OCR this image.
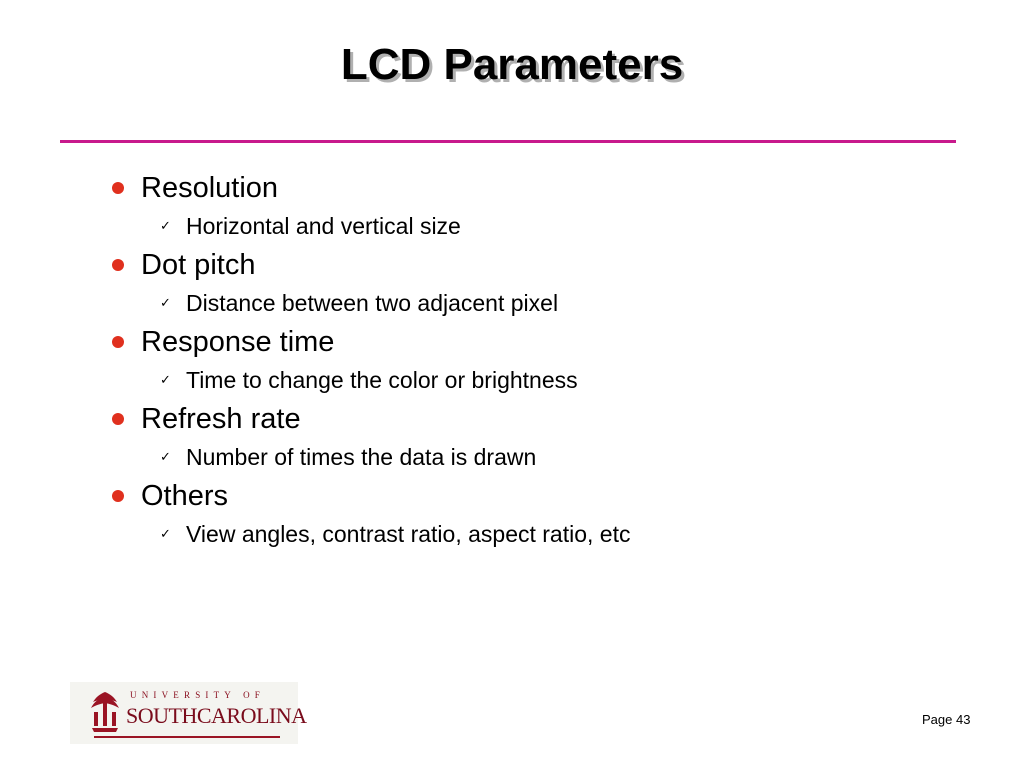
LCD Parameters
Resolution
✓ Horizontal and vertical size
Dot pitch
✓ Distance between two adjacent pixel
Response time
✓ Time to change the color or brightness
Refresh rate
✓ Number of times the data is drawn
Others
✓ View angles, contrast ratio, aspect ratio, etc
UNIVERSITY OF
SOUTHCAROLINA	Page 43
